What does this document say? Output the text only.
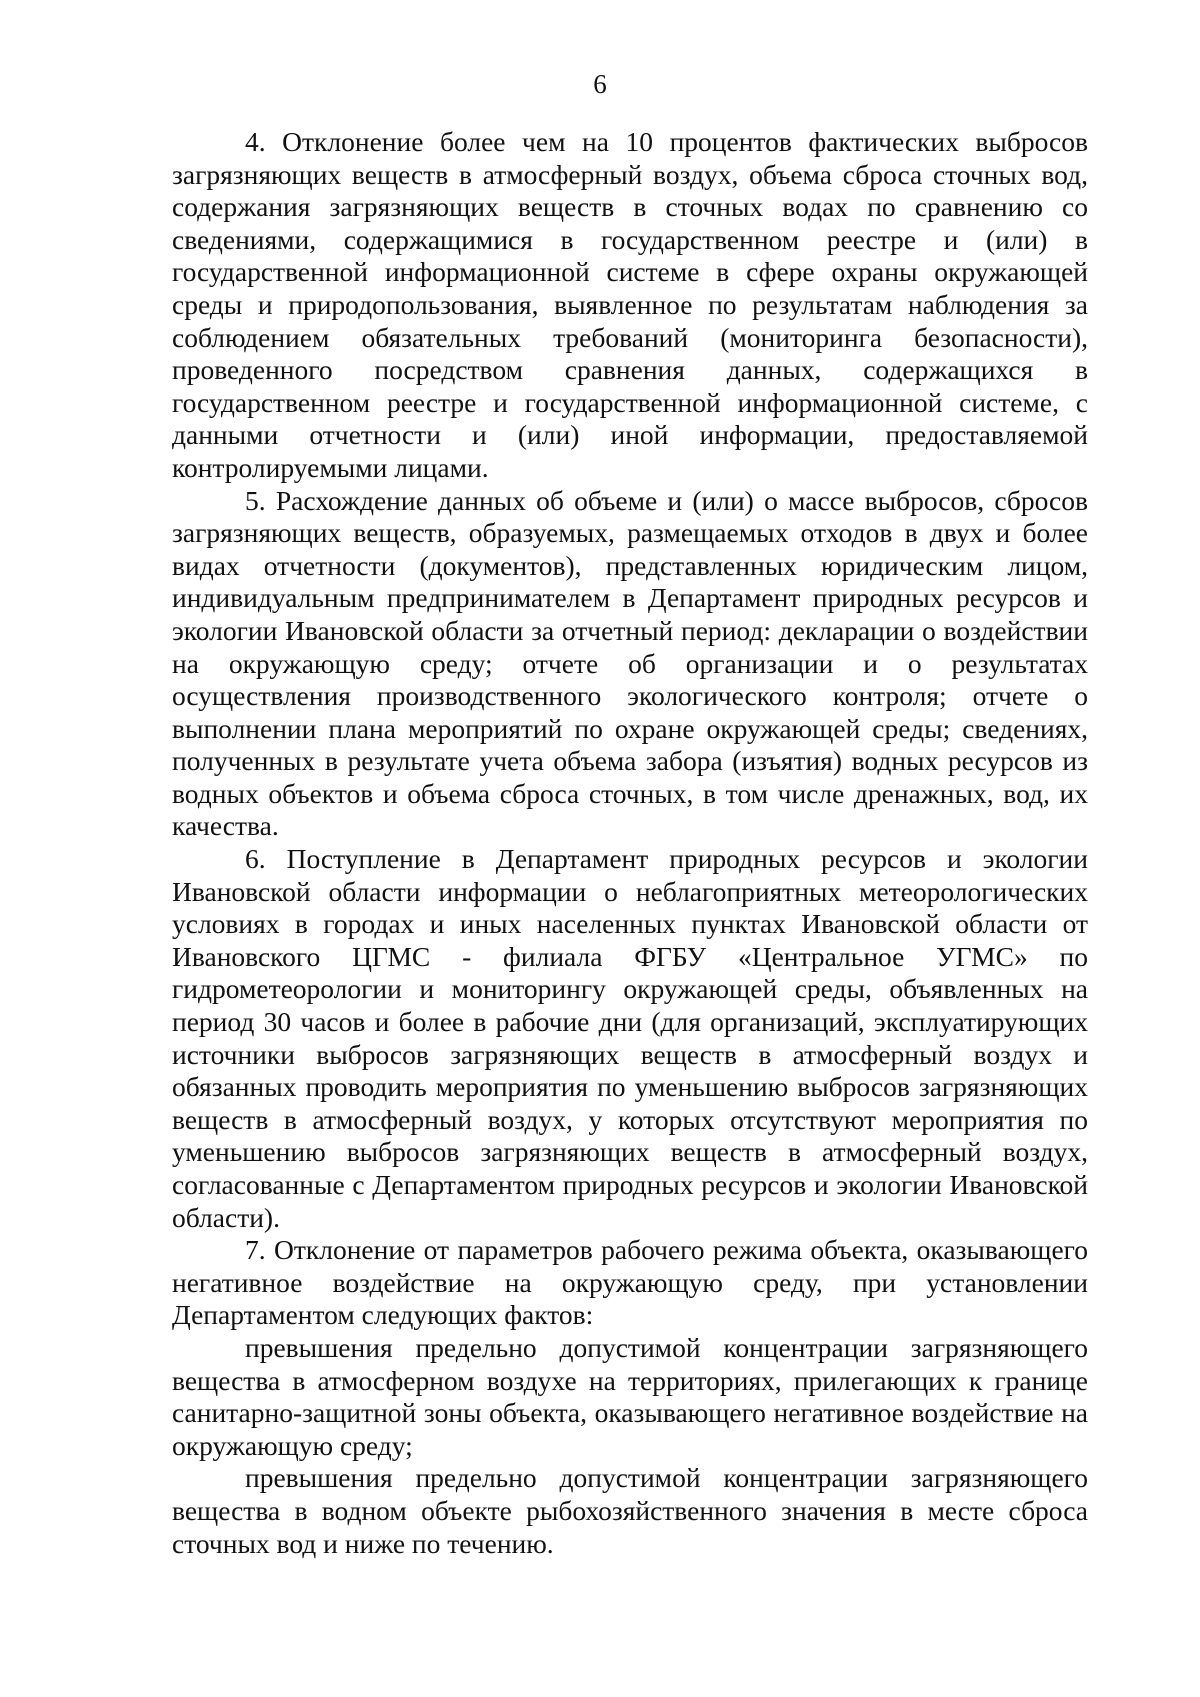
6

4. Отклонение более чем на 10 процентов фактических выбросов загрязняющих веществ в атмосферный воздух, объема сброса сточных вод, содержания загрязняющих веществ в сточных водах по сравнению со сведениями, содержащимися в государственном реестре и (или) в государственной информационной системе в сфере охраны окружающей среды и природопользования, выявленное по результатам наблюдения за соблюдением обязательных требований (мониторинга безопасности), проведенного посредством сравнения данных, содержащихся в государственном реестре и государственной информационной системе, с данными отчетности и (или) иной информации, предоставляемой контролируемыми лицами.

5. Расхождение данных об объеме и (или) о массе выбросов, сбросов загрязняющих веществ, образуемых, размещаемых отходов в двух и более видах отчетности (документов), представленных юридическим лицом, индивидуальным предпринимателем в Департамент природных ресурсов и экологии Ивановской области за отчетный период: декларации о воздействии на окружающую среду; отчете об организации и о результатах осуществления производственного экологического контроля; отчете о выполнении плана мероприятий по охране окружающей среды; сведениях, полученных в результате учета объема забора (изъятия) водных ресурсов из водных объектов и объема сброса сточных, в том числе дренажных, вод, их качества.

6. Поступление в Департамент природных ресурсов и экологии Ивановской области информации о неблагоприятных метеорологических условиях в городах и иных населенных пунктах Ивановской области от Ивановского ЦГМС - филиала ФГБУ «Центральное УГМС» по гидрометеорологии и мониторингу окружающей среды, объявленных на период 30 часов и более в рабочие дни (для организаций, эксплуатирующих источники выбросов загрязняющих веществ в атмосферный воздух и обязанных проводить мероприятия по уменьшению выбросов загрязняющих веществ в атмосферный воздух, у которых отсутствуют мероприятия по уменьшению выбросов загрязняющих веществ в атмосферный воздух, согласованные с Департаментом природных ресурсов и экологии Ивановской области).

7. Отклонение от параметров рабочего режима объекта, оказывающего негативное воздействие на окружающую среду, при установлении Департаментом следующих фактов:

превышения предельно допустимой концентрации загрязняющего вещества в атмосферном воздухе на территориях, прилегающих к границе санитарно-защитной зоны объекта, оказывающего негативное воздействие на окружающую среду;

превышения предельно допустимой концентрации загрязняющего вещества в водном объекте рыбохозяйственного значения в месте сброса сточных вод и ниже по течению.
